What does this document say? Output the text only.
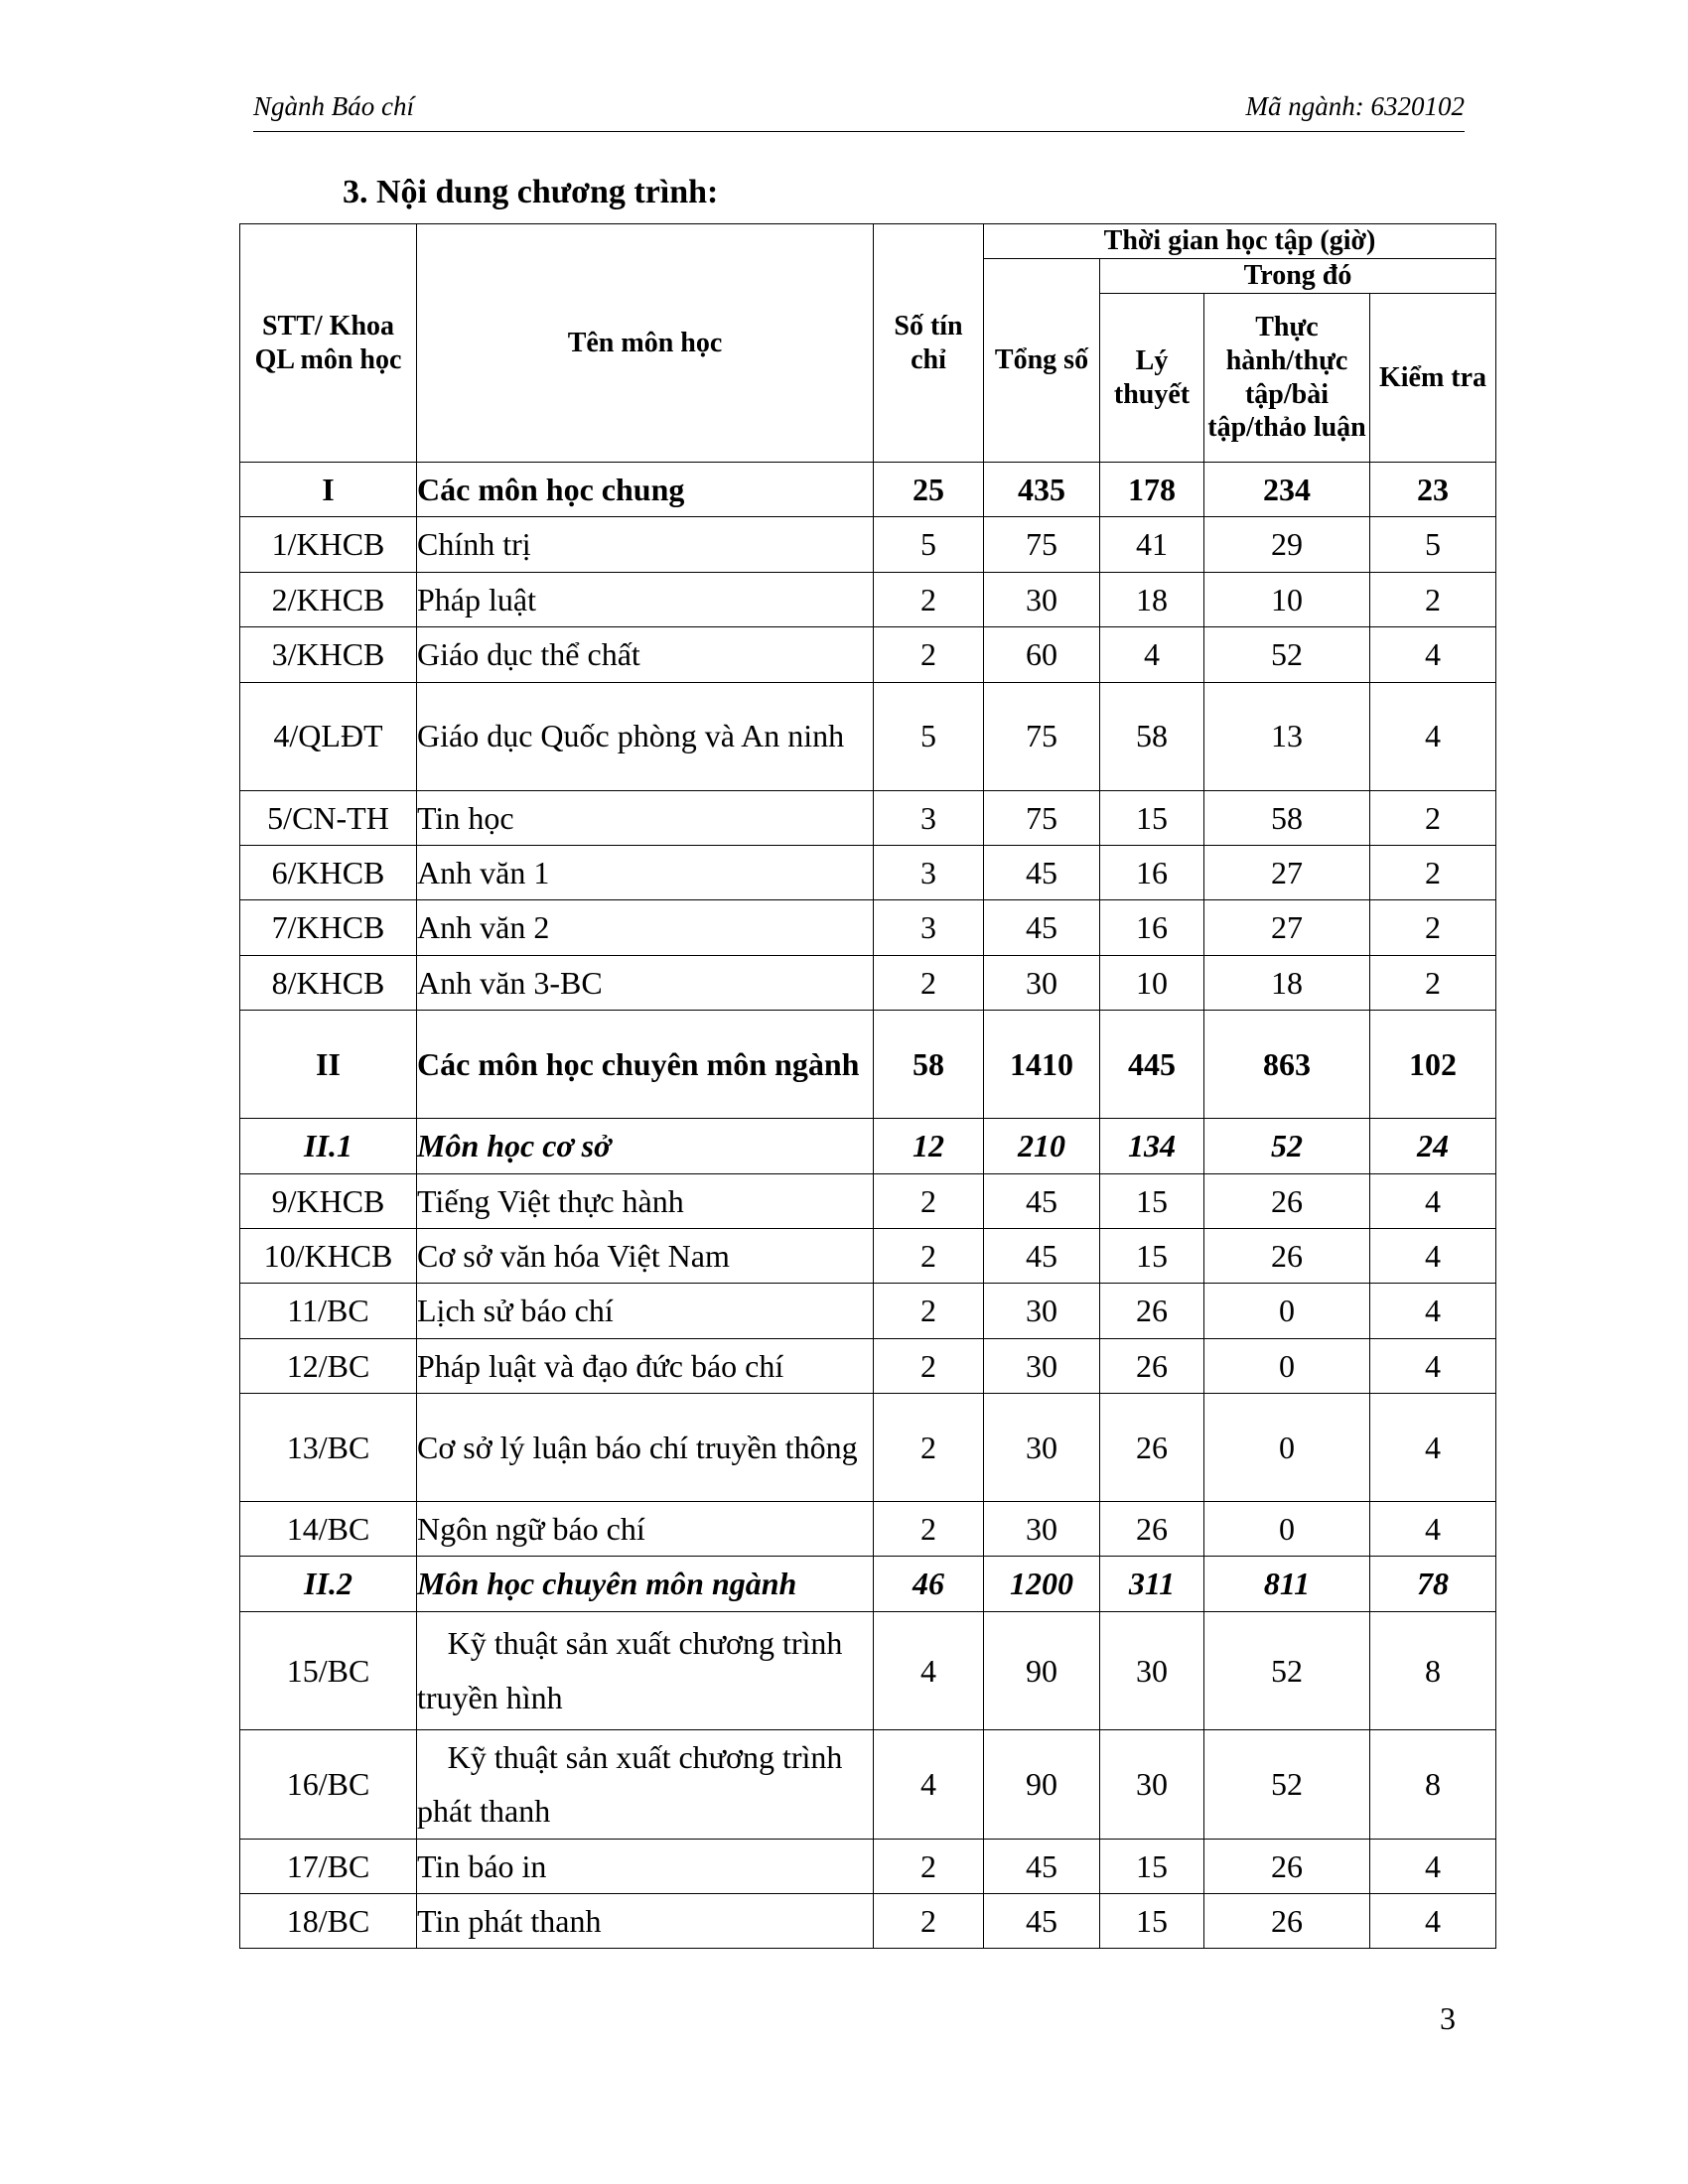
Ngành Báo chí	Mã ngành: 6320102
3. Nội dung chương trình:
STT/ Khoa QL môn học	Tên môn học	Số tín chỉ	Thời gian học tập (giờ)			
			Tổng số	Trong đó		
				Lý thuyết	Thực hành/thực tập/bài tập/thảo luận	Kiểm tra
I	Các môn học chung	25	435	178	234	23
1/KHCB	Chính trị	5	75	41	29	5
2/KHCB	Pháp luật	2	30	18	10	2
3/KHCB	Giáo dục thể chất	2	60	4	52	4
4/QLĐT	Giáo dục Quốc phòng và An ninh	5	75	58	13	4
5/CN-TH	Tin học	3	75	15	58	2
6/KHCB	Anh văn 1	3	45	16	27	2
7/KHCB	Anh văn 2	3	45	16	27	2
8/KHCB	Anh văn 3-BC	2	30	10	18	2
II	Các môn học chuyên môn ngành	58	1410	445	863	102
II.1	Môn học cơ sở	12	210	134	52	24
9/KHCB	Tiếng Việt thực hành	2	45	15	26	4
10/KHCB	Cơ sở văn hóa Việt Nam	2	45	15	26	4
11/BC	Lịch sử báo chí	2	30	26	0	4
12/BC	Pháp luật và đạo đức báo chí	2	30	26	0	4
13/BC	Cơ sở lý luận báo chí truyền thông	2	30	26	0	4
14/BC	Ngôn ngữ báo chí	2	30	26	0	4
II.2	Môn học chuyên môn ngành	46	1200	311	811	78
15/BC	Kỹ thuật sản xuất chương trình truyền hình	4	90	30	52	8
16/BC	Kỹ thuật sản xuất chương trình phát thanh	4	90	30	52	8
17/BC	Tin báo in	2	45	15	26	4
18/BC	Tin phát thanh	2	45	15	26	4
3
